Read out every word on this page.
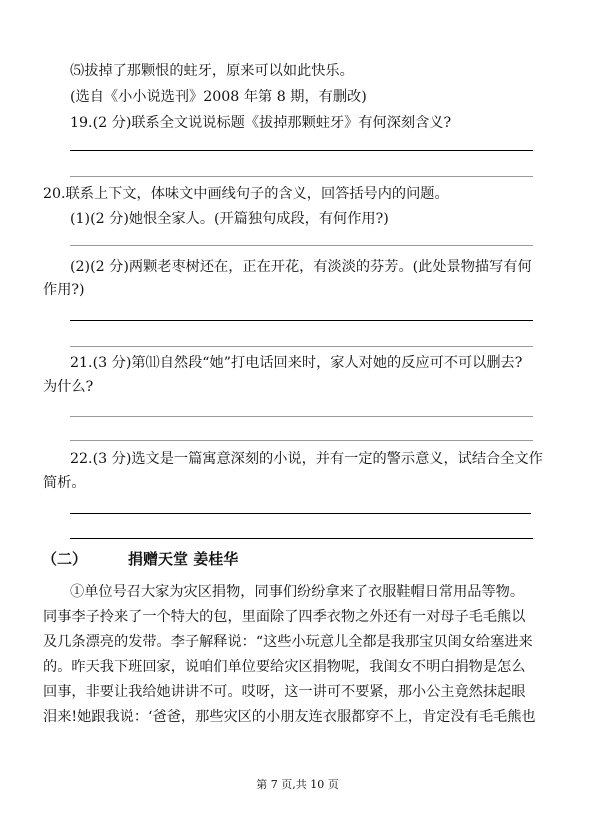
⑸拔掉了那颗恨的蛀牙，原来可以如此快乐。
(选自《小小说选刊》2008 年第 8 期，有删改)
19.(2 分)联系全文说说标题《拔掉那颗蛀牙》有何深刻含义?
20.联系上下文，体味文中画线句子的含义，回答括号内的问题。
(1)(2 分)她恨全家人。(开篇独句成段，有何作用?)
(2)(2 分)两颗老枣树还在，正在开花，有淡淡的芬芳。(此处景物描写有何
作用?)
21.(3 分)第⑾自然段“她”打电话回来时，家人对她的反应可不可以删去?
为什么?
22.(3 分)选文是一篇寓意深刻的小说，并有一定的警示意义，试结合全文作
简析。
（二）	捐赠天堂 姜桂华
①单位号召大家为灾区捐物，同事们纷纷拿来了衣服鞋帽日常用品等物。
同事李子拎来了一个特大的包，里面除了四季衣物之外还有一对母子毛毛熊以
及几条漂亮的发带。李子解释说：“这些小玩意儿全都是我那宝贝闺女给塞进来
的。昨天我下班回家，说咱们单位要给灾区捐物呢，我闺女不明白捐物是怎么
回事，非要让我给她讲讲不可。哎呀，这一讲可不要紧，那小公主竟然抹起眼
泪来!她跟我说：‘爸爸，那些灾区的小朋友连衣服都穿不上，肯定没有毛毛熊也
第 7 页,共 10 页
